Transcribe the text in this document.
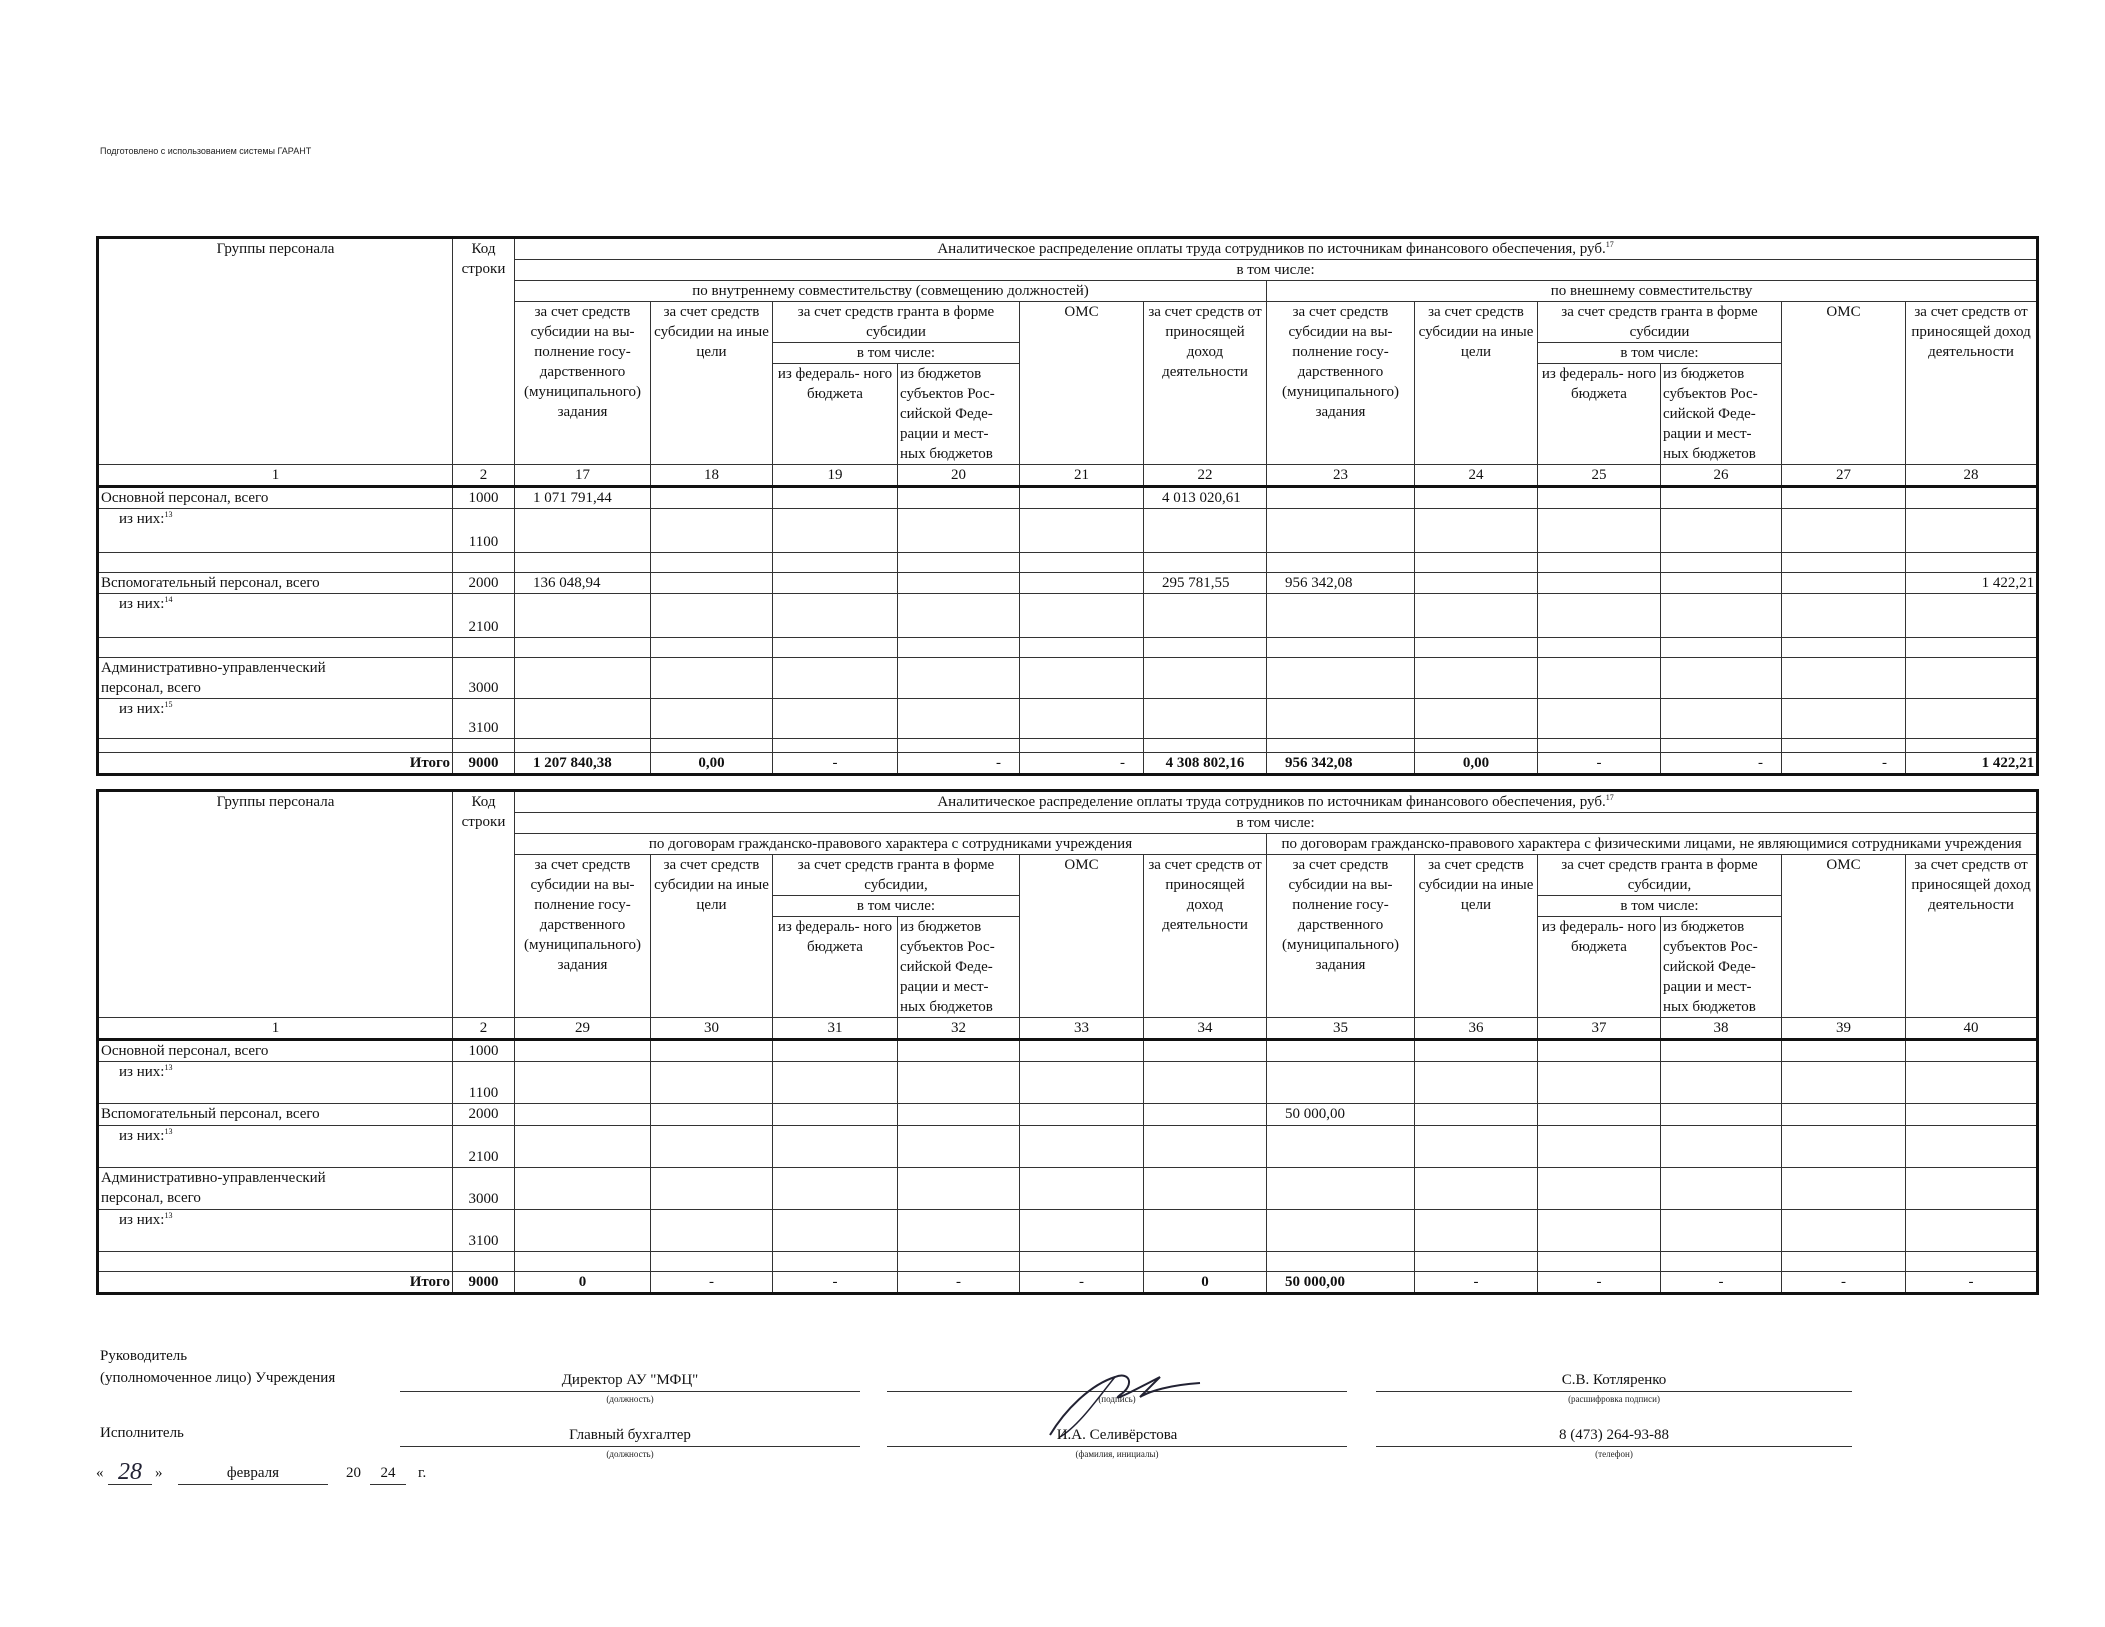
Подготовлено с использованием системы ГАРАНТ
Группы персонала	Код строки	Аналитическое распределение оплаты труда сотрудников по источникам финансового обеспечения, руб.$^{17}$
		в том числе:											
		по внутреннему совместительству (совмещению должностей)						по внешнему совместительству					
		за счет средств субсидии на вы- полнение госу- дарственного (муниципального) задания	за счет средств субсидии на иные цели	за счет средств гранта в форме субсидии		ОМС	за счет средств от приносящей доход деятельности	за счет средств субсидии на вы- полнение госу- дарственного (муниципального) задания	за счет средств субсидии на иные цели	за счет средств гранта в форме субсидии		ОМС	за счет средств от приносящей доход деятельности
				в том числе:						в том числе:			
				из федераль- ного бюджета	из бюджетов субъектов Рос- сийской Феде- рации и мест- ных бюджетов					из федераль- ного бюджета	из бюджетов субъектов Рос- сийской Феде- рации и мест- ных бюджетов		

1	2	17	18	19	20	21	22	23	24	25	26	27	28
Основной персонал, всего	1000	1 071 791,44					4 013 020,61						
из них:$^{13}$	1100												

Вспомогательный персонал, всего	2000	136 048,94					295 781,55	956 342,08					1 422,21
из них:$^{14}$	2100												

Административно-управленческий
персонал, всего	3000												
из них:$^{15}$	3100												

Итого	9000	1 207 840,38	0,00	-	-	-	4 308 802,16	956 342,08	0,00	-	-	-	1 422,21
Группы персонала	Код строки	Аналитическое распределение оплаты труда сотрудников по источникам финансового обеспечения, руб.$^{17}$
		в том числе:											
		по договорам гражданско-правового характера с сотрудниками учреждения						по договорам гражданско-правового характера с физическими лицами, не являющимися сотрудниками учреждения					
		за счет средств субсидии на вы- полнение госу- дарственного (муниципального) задания	за счет средств субсидии на иные цели	за счет средств гранта в форме субсидии,		ОМС	за счет средств от приносящей доход деятельности	за счет средств субсидии на вы- полнение госу- дарственного (муниципального) задания	за счет средств субсидии на иные цели	за счет средств гранта в форме субсидии,		ОМС	за счет средств от приносящей доход деятельности
				в том числе:						в том числе:			
				из федераль- ного бюджета	из бюджетов субъектов Рос- сийской Феде- рации и мест- ных бюджетов					из федераль- ного бюджета	из бюджетов субъектов Рос- сийской Феде- рации и мест- ных бюджетов		

1	2	29	30	31	32	33	34	35	36	37	38	39	40
Основной персонал, всего	1000												
из них:$^{13}$	1100												
Вспомогательный персонал, всего	2000							50 000,00					
из них:$^{13}$	2100												

Административно-управленческий
персонал, всего	3000												
из них:$^{13}$	3100												

Итого	9000	0	-	-	-	-	0	50 000,00	-	-	-	-	-
Руководитель
(уполномоченное лицо) Учреждения	Директор АУ "МФЦ"
(должность)	(подпись)
С.В. Котляренко
(расшифровка подписи)
Исполнитель	Главный бухгалтер
(должность)
И.А. Селивёрстова
(фамилия, инициалы)
8 (473) 264-93-88
(телефон)
« 28 »	февраля	20	24	г.
